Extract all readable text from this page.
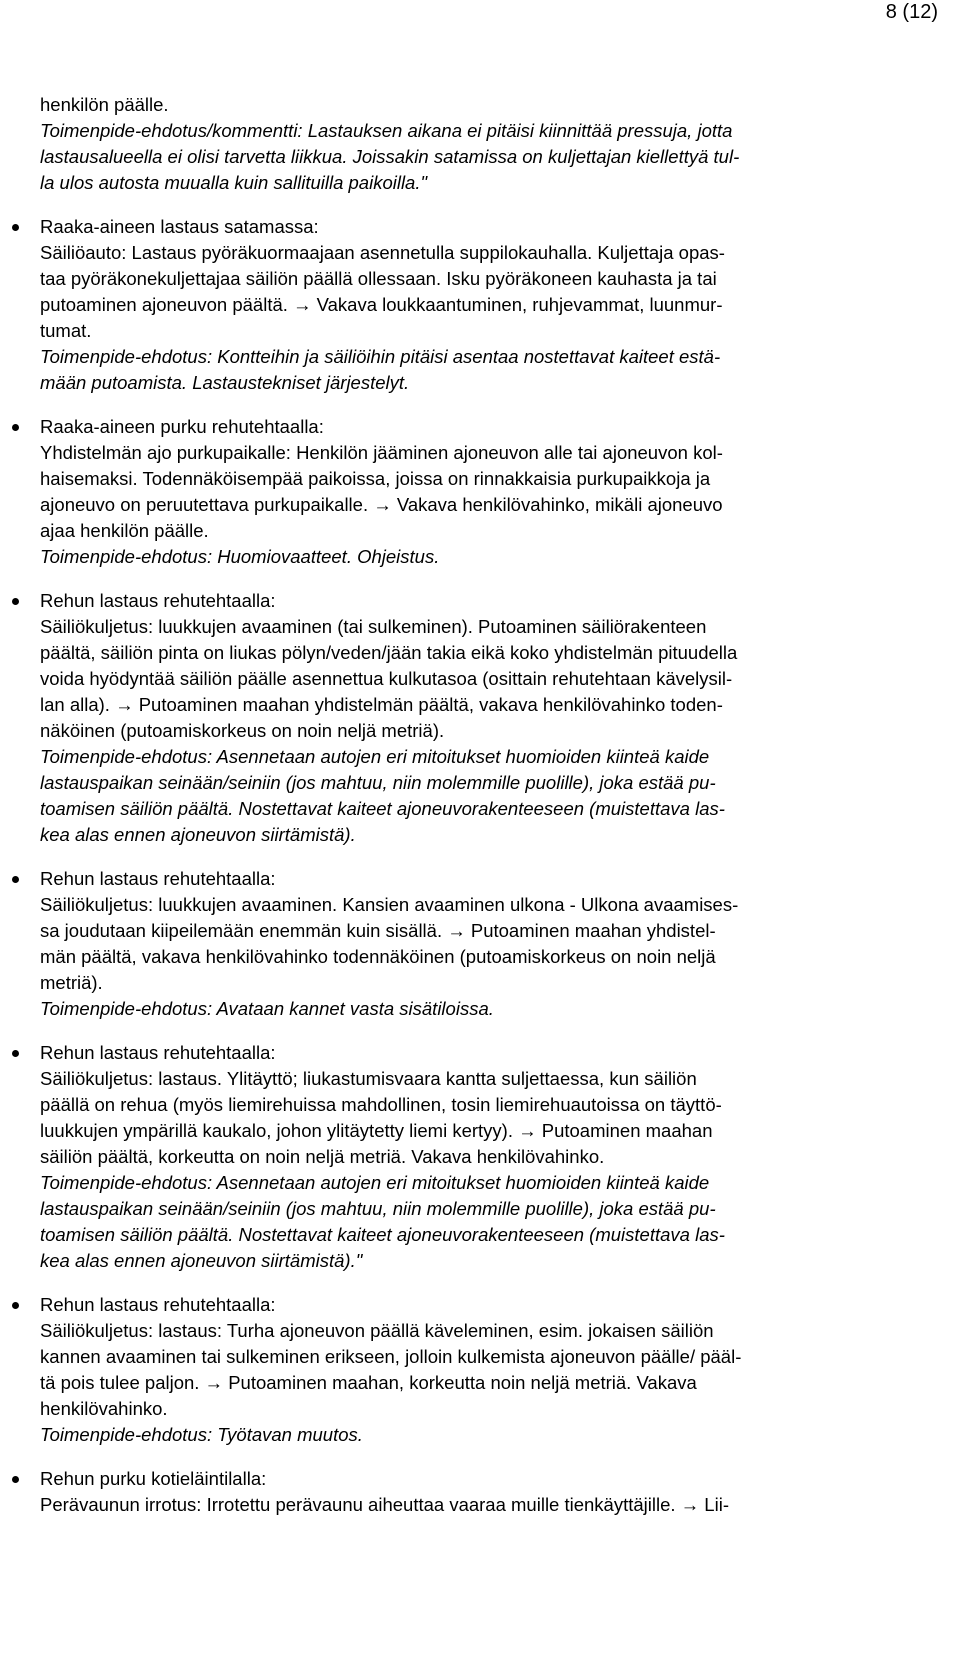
8 (12)
henkilön päälle.
Toimenpide-ehdotus/kommentti: Lastauksen aikana ei pitäisi kiinnittää pressuja, jotta
lastausalueella ei olisi tarvetta liikkua. Joissakin satamissa on kuljettajan kiellettyä tul-
la ulos autosta muualla kuin sallituilla paikoilla."
Raaka-aineen lastaus satamassa:
Säiliöauto: Lastaus pyöräkuormaajaan asennetulla suppilokauhalla. Kuljettaja opas-
taa pyöräkonekuljettajaa säiliön päällä ollessaan. Isku pyöräkoneen kauhasta ja tai
putoaminen ajoneuvon päältä. → Vakava loukkaantuminen, ruhjevammat, luunmur-
tumat.
Toimenpide-ehdotus: Kontteihin ja säiliöihin pitäisi asentaa nostettavat kaiteet estä-
mään putoamista. Lastaustekniset järjestelyt.
Raaka-aineen purku rehutehtaalla:
Yhdistelmän ajo purkupaikalle: Henkilön jääminen ajoneuvon alle tai ajoneuvon kol-
haisemaksi. Todennäköisempää paikoissa, joissa on rinnakkaisia purkupaikkoja ja
ajoneuvo on peruutettava purkupaikalle. → Vakava henkilövahinko, mikäli ajoneuvo
ajaa henkilön päälle.
Toimenpide-ehdotus: Huomiovaatteet. Ohjeistus.
Rehun lastaus rehutehtaalla:
Säiliökuljetus: luukkujen avaaminen (tai sulkeminen). Putoaminen säiliörakenteen
päältä, säiliön pinta on liukas pölyn/veden/jään takia eikä koko yhdistelmän pituudella
voida hyödyntää säiliön päälle asennettua kulkutasoa (osittain rehutehtaan kävelysil-
lan alla). → Putoaminen maahan yhdistelmän päältä, vakava henkilövahinko toden-
näköinen (putoamiskorkeus on noin neljä metriä).
Toimenpide-ehdotus: Asennetaan autojen eri mitoitukset huomioiden kiinteä kaide
lastauspaikan seinään/seiniin (jos mahtuu, niin molemmille puolille), joka estää pu-
toamisen säiliön päältä. Nostettavat kaiteet ajoneuvorakenteeseen (muistettava las-
kea alas ennen ajoneuvon siirtämistä).
Rehun lastaus rehutehtaalla:
Säiliökuljetus: luukkujen avaaminen. Kansien avaaminen ulkona - Ulkona avaamises-
sa joudutaan kiipeilemään enemmän kuin sisällä. → Putoaminen maahan yhdistel-
män päältä, vakava henkilövahinko todennäköinen (putoamiskorkeus on noin neljä
metriä).
Toimenpide-ehdotus: Avataan kannet vasta sisätiloissa.
Rehun lastaus rehutehtaalla:
Säiliökuljetus: lastaus. Ylitäyttö; liukastumisvaara kantta suljettaessa, kun säiliön
päällä on rehua (myös liemirehuissa mahdollinen, tosin liemirehuautoissa on täyttö-
luukkujen ympärillä kaukalo, johon ylitäytetty liemi kertyy). → Putoaminen maahan
säiliön päältä, korkeutta on noin neljä metriä. Vakava henkilövahinko.
Toimenpide-ehdotus: Asennetaan autojen eri mitoitukset huomioiden kiinteä kaide
lastauspaikan seinään/seiniin (jos mahtuu, niin molemmille puolille), joka estää pu-
toamisen säiliön päältä. Nostettavat kaiteet ajoneuvorakenteeseen (muistettava las-
kea alas ennen ajoneuvon siirtämistä)."
Rehun lastaus rehutehtaalla:
Säiliökuljetus: lastaus: Turha ajoneuvon päällä käveleminen, esim. jokaisen säiliön
kannen avaaminen tai sulkeminen erikseen, jolloin kulkemista ajoneuvon päälle/ pääl-
tä pois tulee paljon. → Putoaminen maahan, korkeutta noin neljä metriä. Vakava
henkilövahinko.
Toimenpide-ehdotus: Työtavan muutos.
Rehun purku kotieläintilalla:
Perävaunun irrotus: Irrotettu perävaunu aiheuttaa vaaraa muille tienkäyttäjille. → Lii-
